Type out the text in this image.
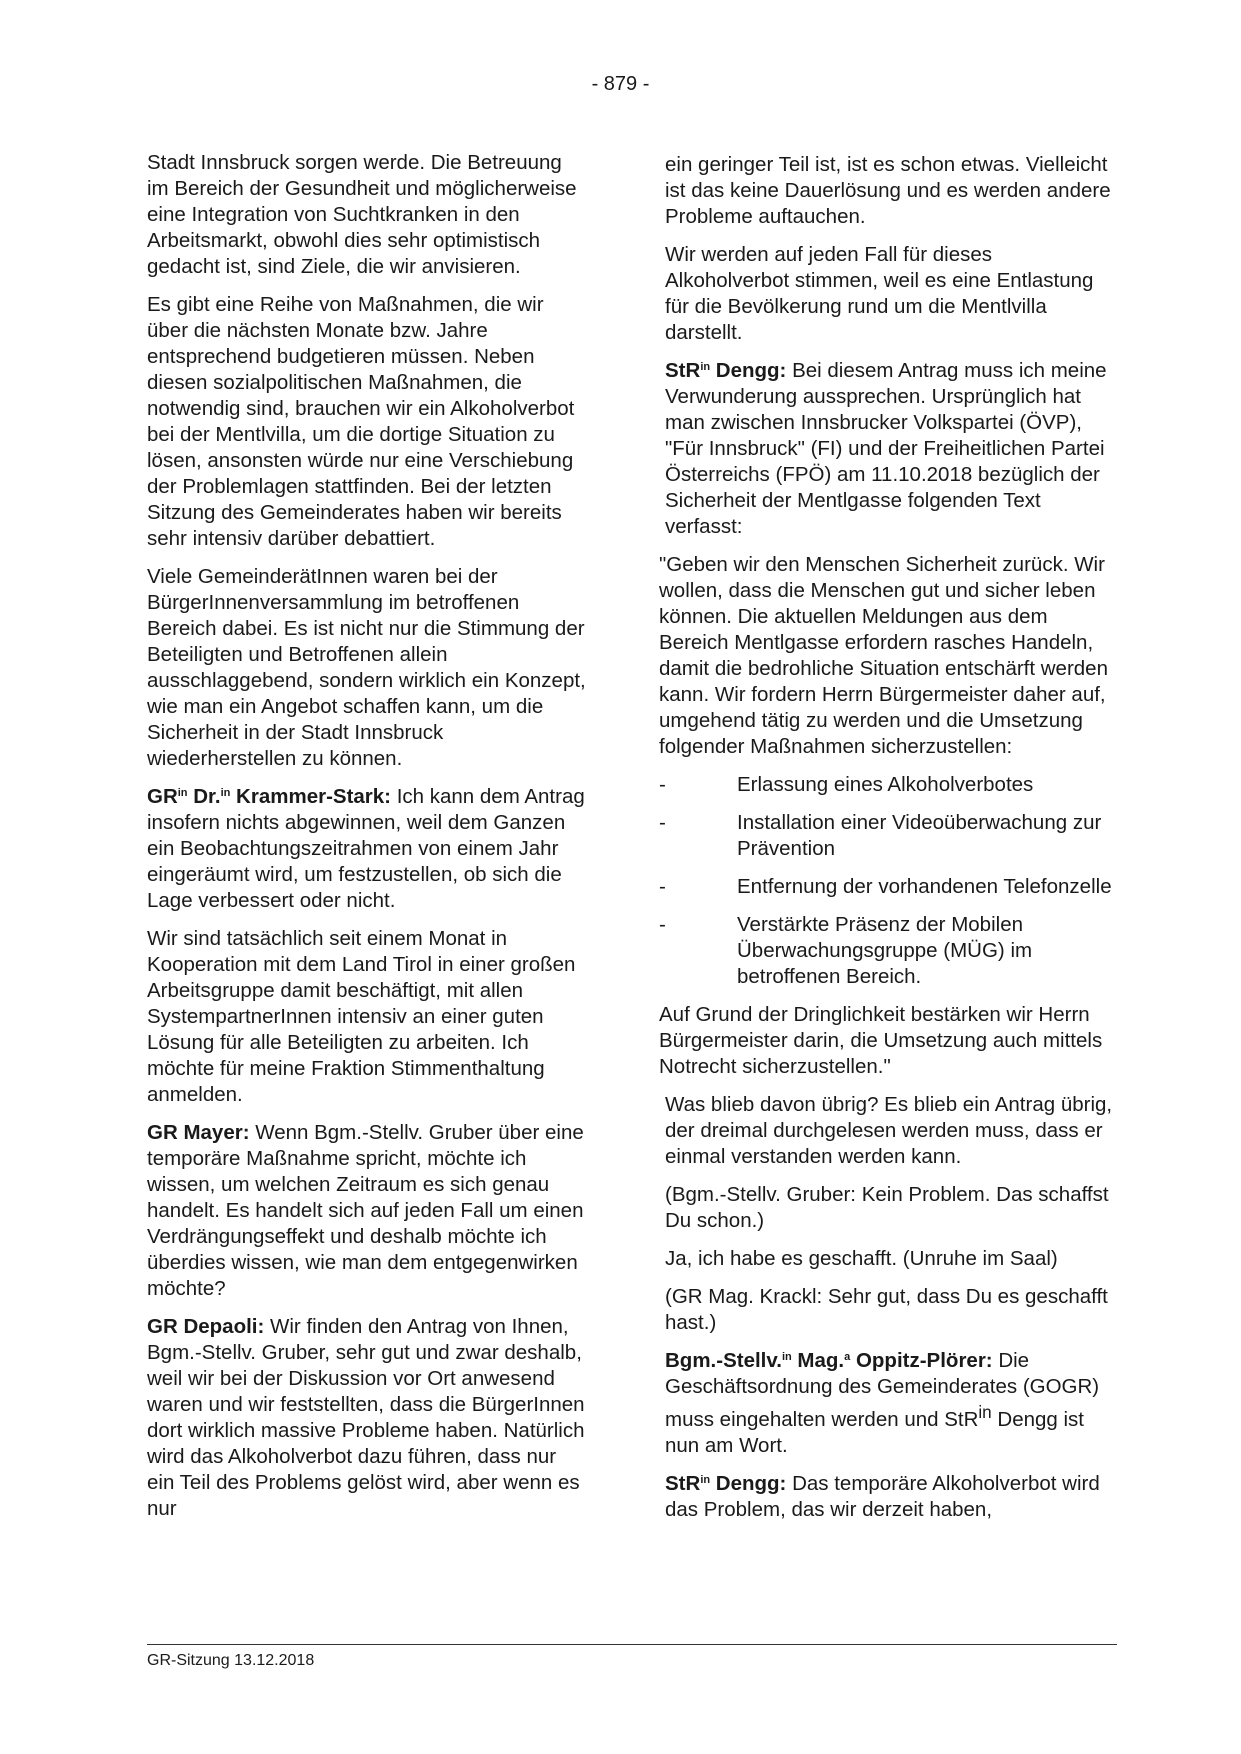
- 879 -

Stadt Innsbruck sorgen werde. Die Betreuung im Bereich der Gesundheit und möglicherweise eine Integration von Suchtkranken in den Arbeitsmarkt, obwohl dies sehr optimistisch gedacht ist, sind Ziele, die wir anvisieren.

Es gibt eine Reihe von Maßnahmen, die wir über die nächsten Monate bzw. Jahre entsprechend budgetieren müssen. Neben diesen sozialpolitischen Maßnahmen, die notwendig sind, brauchen wir ein Alkoholverbot bei der Mentlvilla, um die dortige Situation zu lösen, ansonsten würde nur eine Verschiebung der Problemlagen stattfinden. Bei der letzten Sitzung des Gemeinderates haben wir bereits sehr intensiv darüber debattiert.

Viele GemeinderätInnen waren bei der BürgerInnenversammlung im betroffenen Bereich dabei. Es ist nicht nur die Stimmung der Beteiligten und Betroffenen allein ausschlaggebend, sondern wirklich ein Konzept, wie man ein Angebot schaffen kann, um die Sicherheit in der Stadt Innsbruck wiederherstellen zu können.

$GR^{in}$ Dr.$^{in}$ Krammer-Stark: Ich kann dem Antrag insofern nichts abgewinnen, weil dem Ganzen ein Beobachtungszeitrahmen von einem Jahr eingeräumt wird, um festzustellen, ob sich die Lage verbessert oder nicht.

Wir sind tatsächlich seit einem Monat in Kooperation mit dem Land Tirol in einer großen Arbeitsgruppe damit beschäftigt, mit allen SystempartnerInnen intensiv an einer guten Lösung für alle Beteiligten zu arbeiten. Ich möchte für meine Fraktion Stimmenthaltung anmelden.

GR Mayer: Wenn Bgm.-Stellv. Gruber über eine temporäre Maßnahme spricht, möchte ich wissen, um welchen Zeitraum es sich genau handelt. Es handelt sich auf jeden Fall um einen Verdrängungseffekt und deshalb möchte ich überdies wissen, wie man dem entgegenwirken möchte?

GR Depaoli: Wir finden den Antrag von Ihnen, Bgm.-Stellv. Gruber, sehr gut und zwar deshalb, weil wir bei der Diskussion vor Ort anwesend waren und wir feststellten, dass die BürgerInnen dort wirklich massive Probleme haben. Natürlich wird das Alkoholverbot dazu führen, dass nur ein Teil des Problems gelöst wird, aber wenn es nur

ein geringer Teil ist, ist es schon etwas. Vielleicht ist das keine Dauerlösung und es werden andere Probleme auftauchen.

Wir werden auf jeden Fall für dieses Alkoholverbot stimmen, weil es eine Entlastung für die Bevölkerung rund um die Mentlvilla darstellt.

StR$^{in}$ Dengg: Bei diesem Antrag muss ich meine Verwunderung aussprechen. Ursprünglich hat man zwischen Innsbrucker Volkspartei (ÖVP), "Für Innsbruck" (FI) und der Freiheitlichen Partei Österreichs (FPÖ) am 11.10.2018 bezüglich der Sicherheit der Mentlgasse folgenden Text verfasst:

"Geben wir den Menschen Sicherheit zurück. Wir wollen, dass die Menschen gut und sicher leben können. Die aktuellen Meldungen aus dem Bereich Mentlgasse erfordern rasches Handeln, damit die bedrohliche Situation entschärft werden kann. Wir fordern Herrn Bürgermeister daher auf, umgehend tätig zu werden und die Umsetzung folgender Maßnahmen sicherzustellen:

-	Erlassung eines Alkoholverbotes
-	Installation einer Videoüberwachung zur Prävention
-	Entfernung der vorhandenen Telefonzelle
-	Verstärkte Präsenz der Mobilen Überwachungsgruppe (MÜG) im betroffenen Bereich.

Auf Grund der Dringlichkeit bestärken wir Herrn Bürgermeister darin, die Umsetzung auch mittels Notrecht sicherzustellen."

Was blieb davon übrig? Es blieb ein Antrag übrig, der dreimal durchgelesen werden muss, dass er einmal verstanden werden kann.

(Bgm.-Stellv. Gruber: Kein Problem. Das schaffst Du schon.)

Ja, ich habe es geschafft. (Unruhe im Saal)

(GR Mag. Krackl: Sehr gut, dass Du es geschafft hast.)

Bgm.-Stellv.$^{in}$ Mag.$^a$ Oppitz-Plörer: Die Geschäftsordnung des Gemeinderates (GOGR) muss eingehalten werden und StR$^{in}$ Dengg ist nun am Wort.

StR$^{in}$ Dengg: Das temporäre Alkoholverbot wird das Problem, das wir derzeit haben,

GR-Sitzung 13.12.2018
